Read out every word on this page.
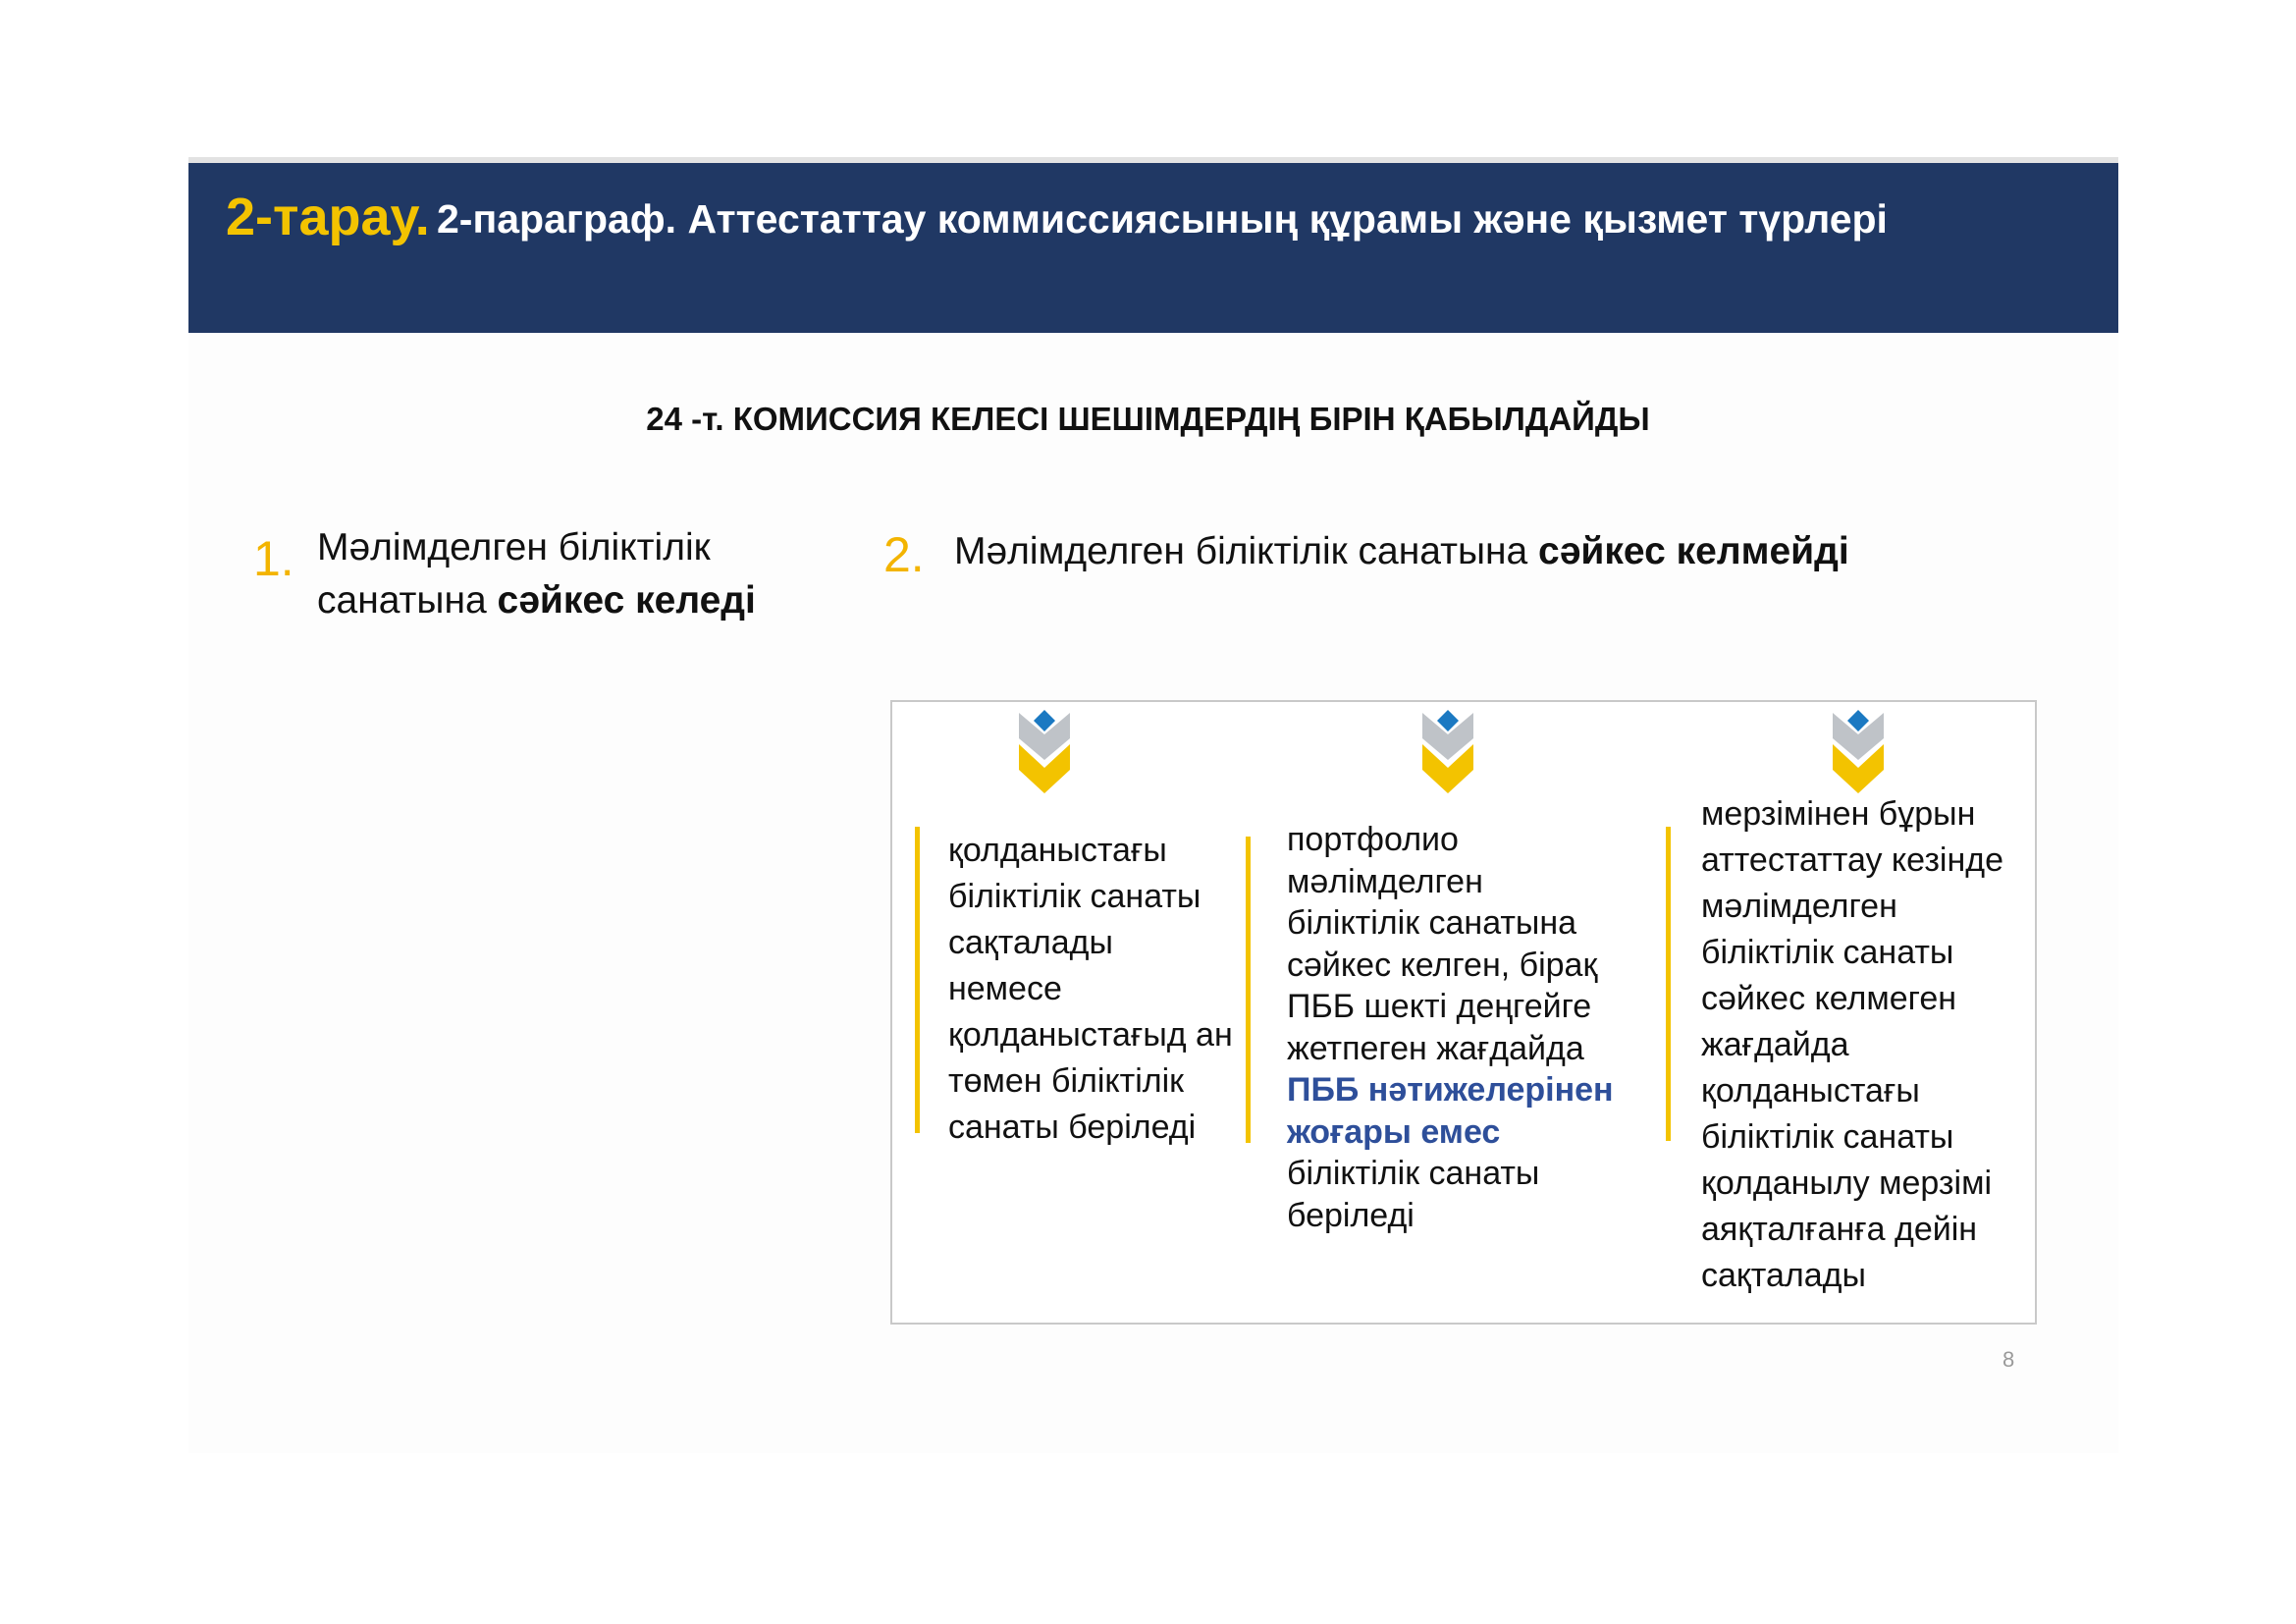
2-тарау. 2-параграф. Аттестаттау коммиссиясының құрамы және қызмет түрлері
24 -т. КОМИССИЯ КЕЛЕСІ ШЕШІМДЕРДІҢ БІРІН ҚАБЫЛДАЙДЫ
1. Мәлімделген біліктілік
санатына сәйкес келеді
2. Мәлімделген біліктілік санатына сәйкес келмейді
қолданыстағы біліктілік санаты сақталады немесе қолданыстағыд ан төмен біліктілік санаты беріледі
портфолио мәлімделген біліктілік санатына сәйкес келген, бірақ ПББ шекті деңгейге жетпеген жағдайда ПББ нәтижелерінен жоғары емес біліктілік санаты беріледі
мерзімінен бұрын аттестаттау кезінде мәлімделген біліктілік санаты сәйкес келмеген жағдайда қолданыстағы біліктілік санаты қолданылу мерзімі аяқталғанға дейін сақталады
8
